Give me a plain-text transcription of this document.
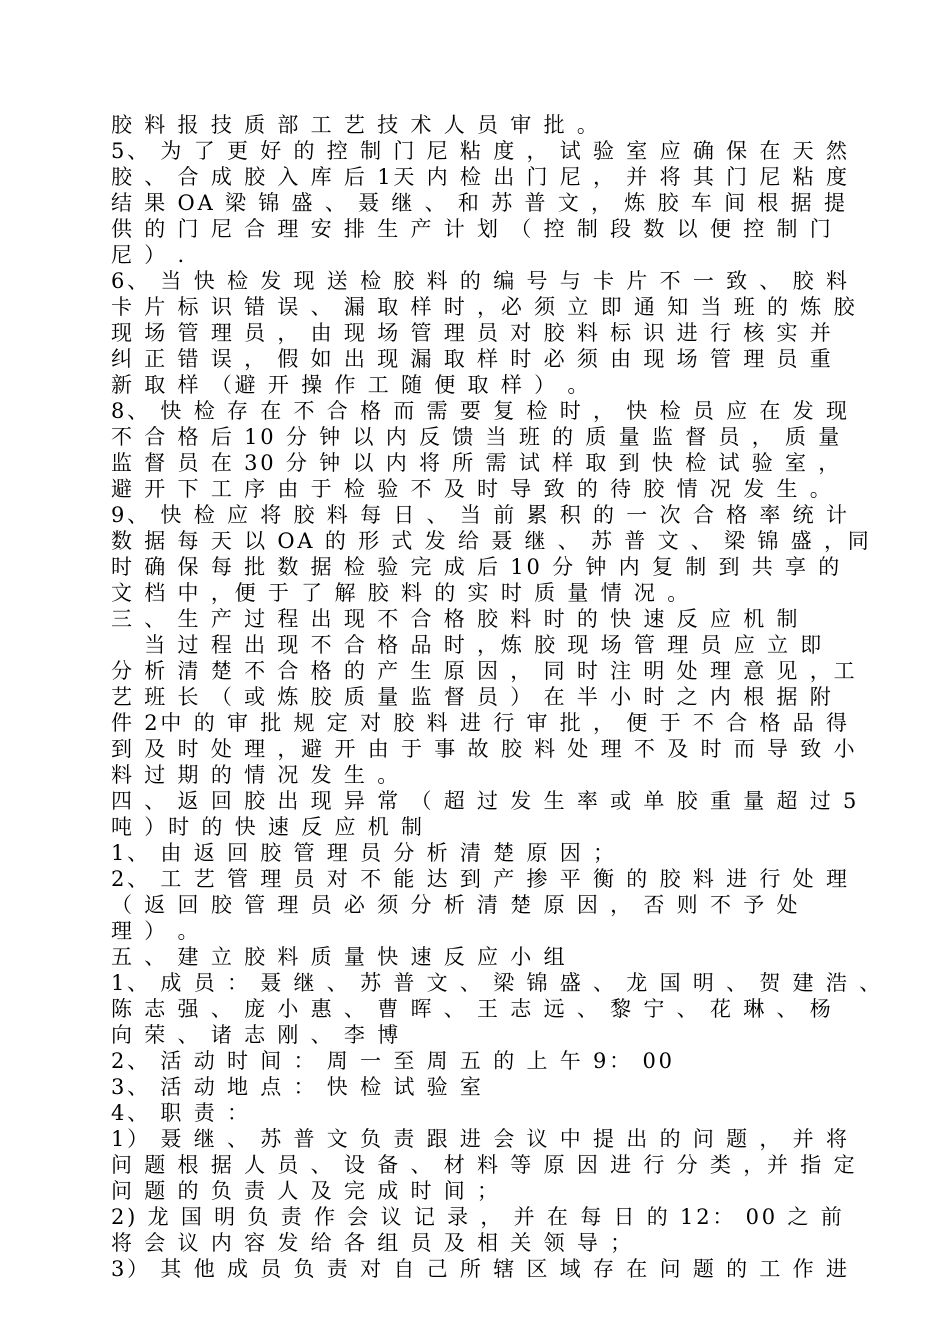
胶 料 报 技 质 部 工 艺 技 术 人 员 审 批 。
5、 为 了 更 好 的 控 制 门 尼 粘 度 ， 试 验 室 应 确 保 在 天 然
胶 、 合 成 胶 入 库 后 1天 内 检 出 门 尼 ， 并 将 其 门 尼 粘 度
结 果 OA 梁 锦 盛 、 聂 继 、 和 苏 普 文 ， 炼 胶 车 间 根 据 提
供 的 门 尼 合 理 安 排 生 产 计 划 （ 控 制 段 数 以 便 控 制 门
尼 ） .
6、 当 快 检 发 现 送 检 胶 料 的 编 号 与 卡 片 不 一 致 、 胶 料
卡 片 标 识 错 误 、 漏 取 样 时 ，必 须 立 即 通 知 当 班 的 炼 胶
现 场 管 理 员 ， 由 现 场 管 理 员 对 胶 料 标 识 进 行 核 实 并
纠 正 错 误 ， 假 如 出 现 漏 取 样 时 必 须 由 现 场 管 理 员 重
新 取 样 （避 开 操 作 工 随 便 取 样 ） 。
8、 快 检 存 在 不 合 格 而 需 要 复 检 时 ， 快 检 员 应 在 发 现
不 合 格 后 10 分 钟 以 内 反 馈 当 班 的 质 量 监 督 员 ， 质 量
监 督 员 在 30 分 钟 以 内 将 所 需 试 样 取 到 快 检 试 验 室 ，
避 开 下 工 序 由 于 检 验 不 及 时 导 致 的 待 胶 情 况 发 生 。
9、 快 检 应 将 胶 料 每 日 、 当 前 累 积 的 一 次 合 格 率 统 计
数 据 每 天 以 OA 的 形 式 发 给 聂 继 、 苏 普 文 、 梁 锦 盛 ，同
时 确 保 每 批 数 据 检 验 完 成 后 10 分 钟 内 复 制 到 共 享 的
文 档 中 ，便 于 了 解 胶 料 的 实 时 质 量 情 况 。
三 、 生 产 过 程 出 现 不 合 格 胶 料 时 的 快 速 反 应 机 制
　 当 过 程 出 现 不 合 格 品 时 ，炼 胶 现 场 管 理 员 应 立 即
分 析 清 楚 不 合 格 的 产 生 原 因 ， 同 时 注 明 处 理 意 见 ，工
艺 班 长 （ 或 炼 胶 质 量 监 督 员 ） 在 半 小 时 之 内 根 据 附
件 2中 的 审 批 规 定 对 胶 料 进 行 审 批 ， 便 于 不 合 格 品 得
到 及 时 处 理 ，避 开 由 于 事 故 胶 料 处 理 不 及 时 而 导 致 小
料 过 期 的 情 况 发 生 。
四 、 返 回 胶 出 现 异 常 （ 超 过 发 生 率 或 单 胶 重 量 超 过 5
吨 ）时 的 快 速 反 应 机 制
1、 由 返 回 胶 管 理 员 分 析 清 楚 原 因 ；
2、 工 艺 管 理 员 对 不 能 达 到 产 掺 平 衡 的 胶 料 进 行 处 理
（ 返 回 胶 管 理 员 必 须 分 析 清 楚 原 因 ， 否 则 不 予 处
理 ） 。
五 、 建 立 胶 料 质 量 快 速 反 应 小 组
1、 成 员 ： 聂 继 、 苏 普 文 、 梁 锦 盛 、 龙 国 明 、 贺 建 浩 、
陈 志 强 、 庞 小 惠 、 曹 晖 、 王 志 远 、 黎 宁 、 花 琳 、 杨
向 荣 、 诸 志 刚 、 李 博
2、 活 动 时 间 ： 周 一 至 周 五 的 上 午 9： 00
3、 活 动 地 点 ： 快 检 试 验 室
4、 职 责 ：
1） 聂 继 、 苏 普 文 负 责 跟 进 会 议 中 提 出 的 问 题 ， 并 将
问 题 根 据 人 员 、 设 备 、 材 料 等 原 因 进 行 分 类 ，并 指 定
问 题 的 负 责 人 及 完 成 时 间 ；
2) 龙 国 明 负 责 作 会 议 记 录 ， 并 在 每 日 的 12： 00 之 前
将 会 议 内 容 发 给 各 组 员 及 相 关 领 导 ；
3） 其 他 成 员 负 责 对 自 己 所 辖 区 域 存 在 问 题 的 工 作 进
